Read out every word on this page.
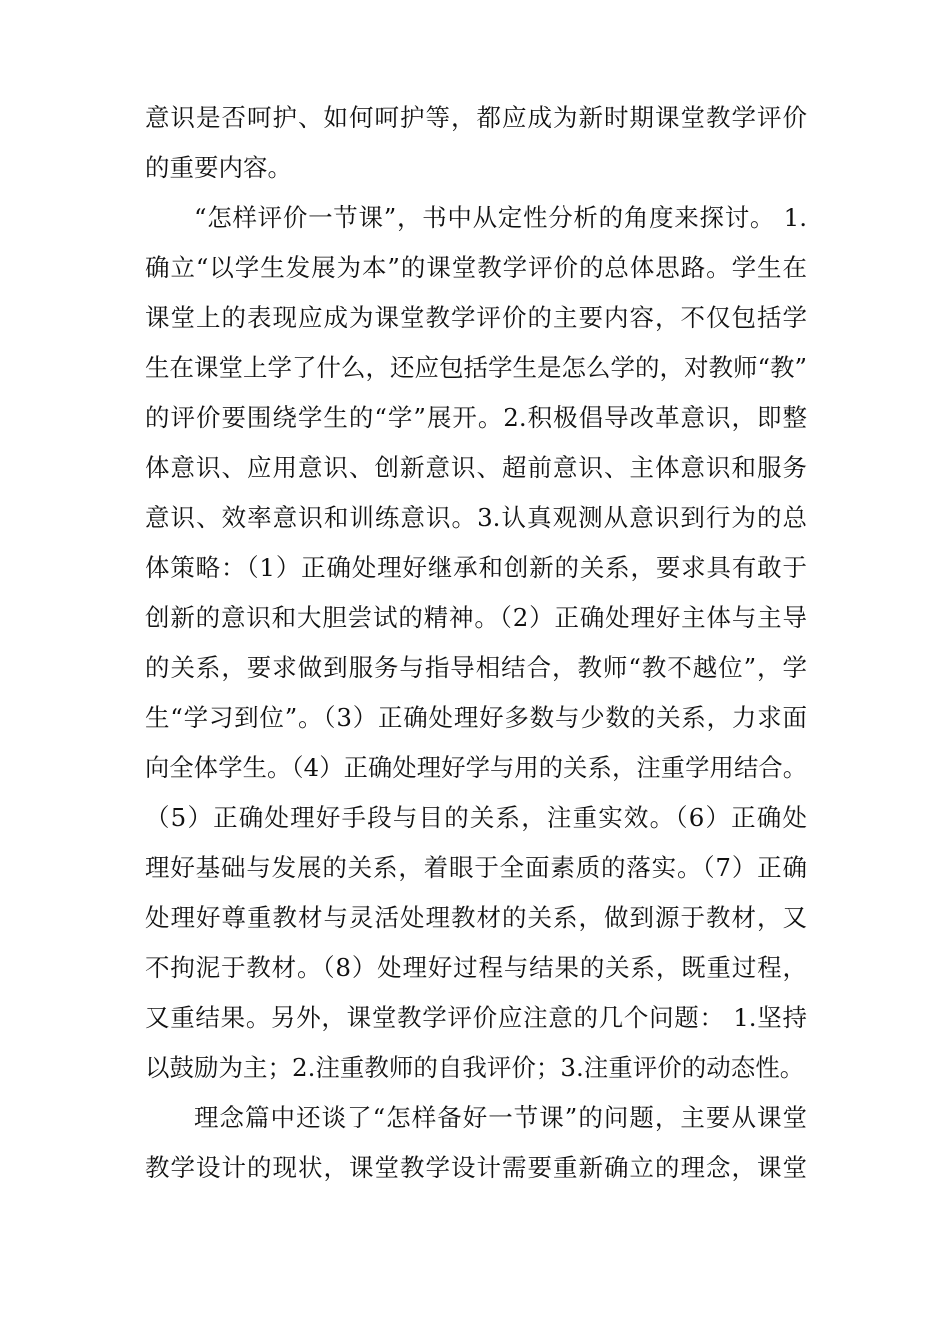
意识是否呵护、如何呵护等，都应成为新时期课堂教学评价
的重要内容。
“怎样评价一节课”，书中从定性分析的角度来探讨。 1.
确立“以学生发展为本”的课堂教学评价的总体思路。学生在
课堂上的表现应成为课堂教学评价的主要内容，不仅包括学
生在课堂上学了什么，还应包括学生是怎么学的，对教师“教”
的评价要围绕学生的“学”展开。2.积极倡导改革意识，即整
体意识、应用意识、创新意识、超前意识、主体意识和服务
意识、效率意识和训练意识。3.认真观测从意识到行为的总
体策略：（1）正确处理好继承和创新的关系，要求具有敢于
创新的意识和大胆尝试的精神。（2）正确处理好主体与主导
的关系，要求做到服务与指导相结合，教师“教不越位”，学
生“学习到位”。（3）正确处理好多数与少数的关系，力求面
向全体学生。（4）正确处理好学与用的关系，注重学用结合。
（5）正确处理好手段与目的关系，注重实效。（6）正确处
理好基础与发展的关系，着眼于全面素质的落实。（7）正确
处理好尊重教材与灵活处理教材的关系，做到源于教材，又
不拘泥于教材。（8）处理好过程与结果的关系，既重过程，
又重结果。另外，课堂教学评价应注意的几个问题： 1.坚持
以鼓励为主；2.注重教师的自我评价；3.注重评价的动态性。
理念篇中还谈了“怎样备好一节课”的问题，主要从课堂
教学设计的现状，课堂教学设计需要重新确立的理念，课堂
